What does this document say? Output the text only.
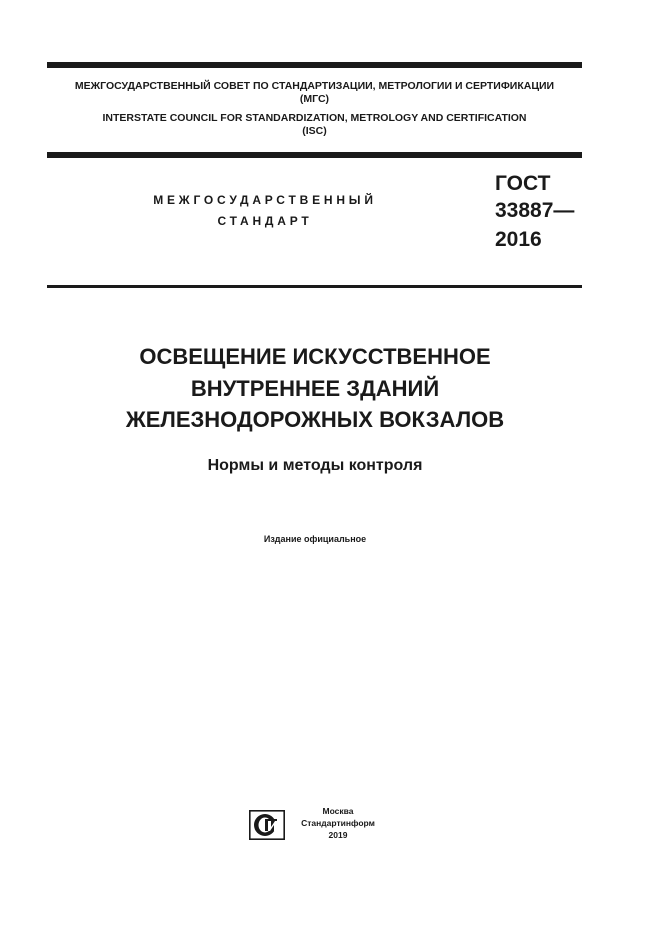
МЕЖГОСУДАРСТВЕННЫЙ СОВЕТ ПО СТАНДАРТИЗАЦИИ, МЕТРОЛОГИИ И СЕРТИФИКАЦИИ
(МГС)
INTERSTATE COUNCIL FOR STANDARDIZATION, METROLOGY AND CERTIFICATION
(ISC)
МЕЖГОСУДАРСТВЕННЫЙ
СТАНДАРТ
ГОСТ
33887—
2016
ОСВЕЩЕНИЕ ИСКУССТВЕННОЕ
ВНУТРЕННЕЕ ЗДАНИЙ
ЖЕЛЕЗНОДОРОЖНЫХ ВОКЗАЛОВ
Нормы и методы контроля
Издание официальное
Москва
Стандартинформ
2019
